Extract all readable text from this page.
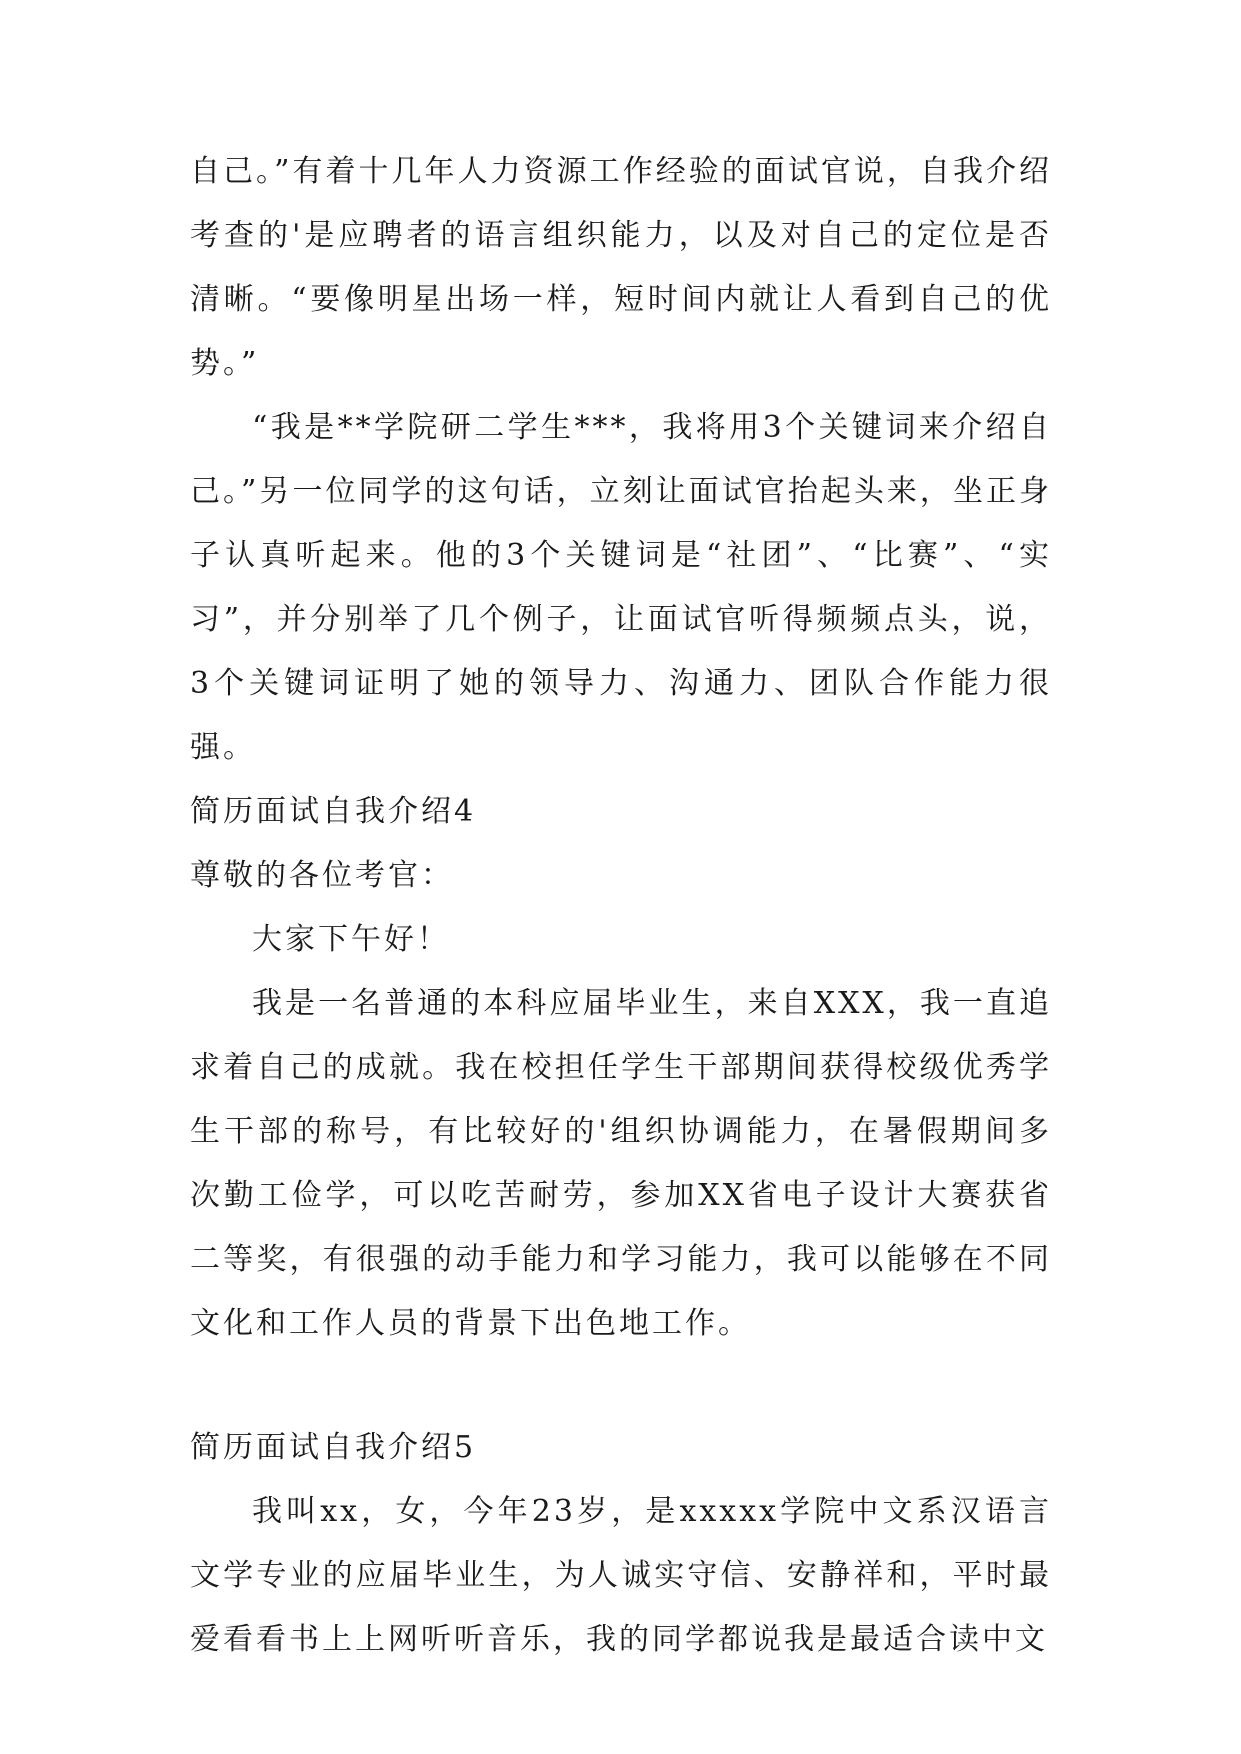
自己。”有着十几年人力资源工作经验的面试官说，自我介绍考查的'是应聘者的语言组织能力，以及对自己的定位是否清晰。“要像明星出场一样，短时间内就让人看到自己的优势。”

“我是**学院研二学生***，我将用3个关键词来介绍自己。”另一位同学的这句话，立刻让面试官抬起头来，坐正身子认真听起来。他的3个关键词是“社团”、“比赛”、“实习”，并分别举了几个例子，让面试官听得频频点头，说，3个关键词证明了她的领导力、沟通力、团队合作能力很强。

简历面试自我介绍4

尊敬的各位考官：

大家下午好！

我是一名普通的本科应届毕业生，来自XXX，我一直追求着自己的成就。我在校担任学生干部期间获得校级优秀学生干部的称号，有比较好的'组织协调能力，在暑假期间多次勤工俭学，可以吃苦耐劳，参加XX省电子设计大赛获省二等奖，有很强的动手能力和学习能力，我可以能够在不同文化和工作人员的背景下出色地工作。

简历面试自我介绍5

我叫xx，女，今年23岁，是xxxxx学院中文系汉语言文学专业的应届毕业生，为人诚实守信、安静祥和，平时最爱看看书上上网听听音乐，我的同学都说我是最适合读中文
